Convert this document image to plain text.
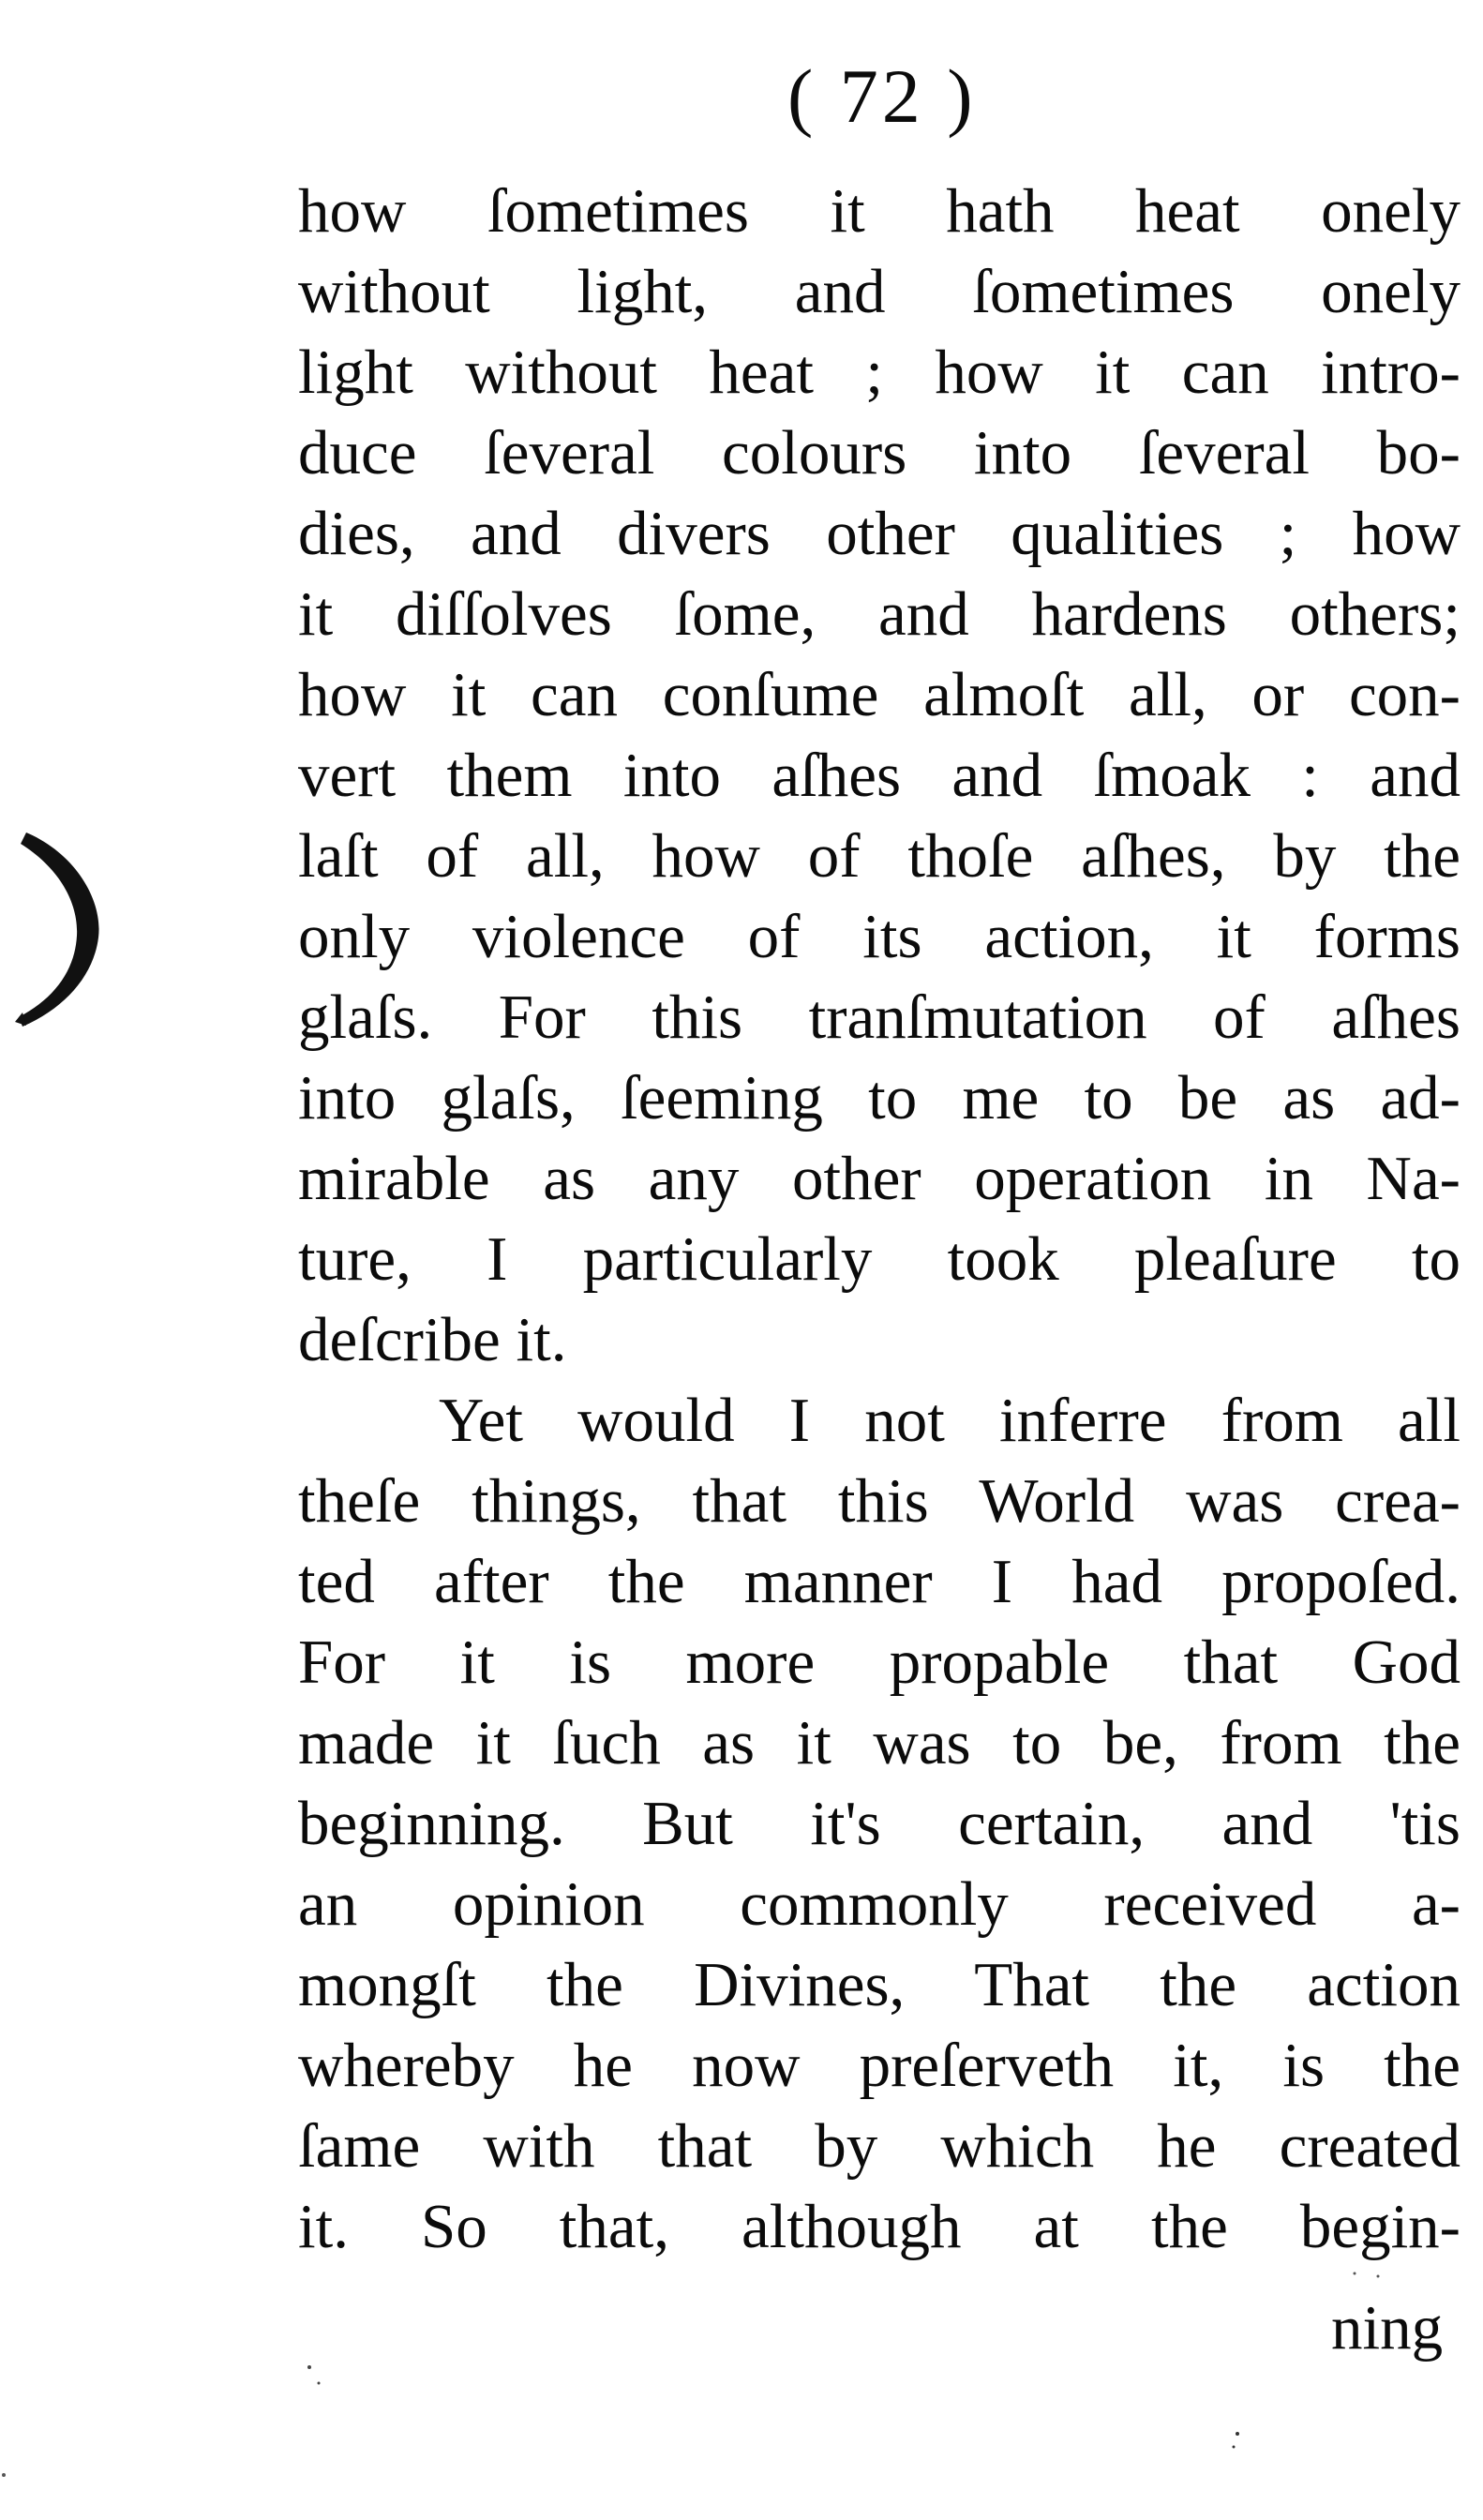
( 72 )
how ſometimes it hath heat onely
without light, and ſometimes onely
light without heat ; how it can intro-
duce ſeveral colours into ſeveral bo-
dies, and divers other qualities ; how
it diſſolves ſome, and hardens others;
how it can conſume almoſt all, or con-
vert them into aſhes and ſmoak : and
laſt of all, how of thoſe aſhes, by the
only violence of its action, it forms
glaſs. For this tranſmutation of aſhes
into glaſs, ſeeming to me to be as ad-
mirable as any other operation in Na-
ture, I particularly took pleaſure to
deſcribe it.
Yet would I not inferre from all
theſe things, that this World was crea-
ted after the manner I had propoſed.
For it is more propable that God
made it ſuch as it was to be, from the
beginning. But it's certain, and 'tis
an opinion commonly received a-
mongſt the Divines, That the action
whereby he now preſerveth it, is the
ſame with that by which he created
it. So that, although at the begin-
ning
